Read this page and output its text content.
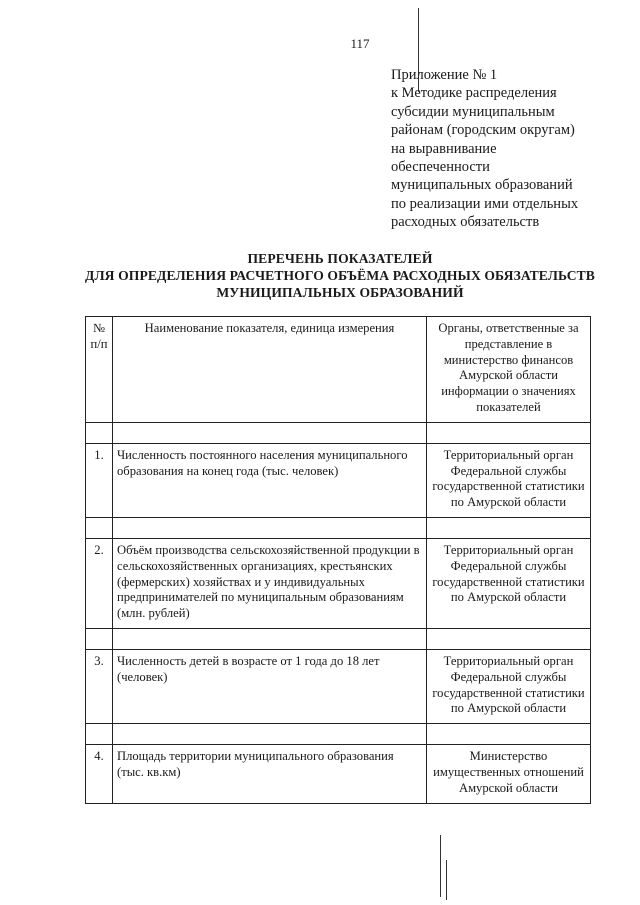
117
Приложение № 1
к Методике распределения
субсидии муниципальным
районам (городским округам)
на выравнивание
обеспеченности
муниципальных образований
по реализации ими отдельных
расходных обязательств
ПЕРЕЧЕНЬ ПОКАЗАТЕЛЕЙ
ДЛЯ ОПРЕДЕЛЕНИЯ РАСЧЕТНОГО ОБЪЁМА РАСХОДНЫХ ОБЯЗАТЕЛЬСТВ
МУНИЦИПАЛЬНЫХ ОБРАЗОВАНИЙ
№ п/п	Наименование показателя, единица измерения	Органы, ответственные за представление в министерство финансов Амурской области информации о значениях показателей

1.	Численность постоянного населения муниципального образования на конец года (тыс. человек)	Территориальный орган Федеральной службы государственной статистики по Амурской области

2.	Объём производства сельскохозяйственной продукции в сельскохозяйственных организациях, крестьянских (фермерских) хозяйствах и у индивидуальных предпринимателей по муниципальным образованиям (млн. рублей)	Территориальный орган Федеральной службы государственной статистики по Амурской области

3.	Численность детей в возрасте от 1 года до 18 лет (человек)	Территориальный орган Федеральной службы государственной статистики по Амурской области

4.	Площадь территории муниципального образования (тыс. кв.км)	Министерство имущественных отношений Амурской области
